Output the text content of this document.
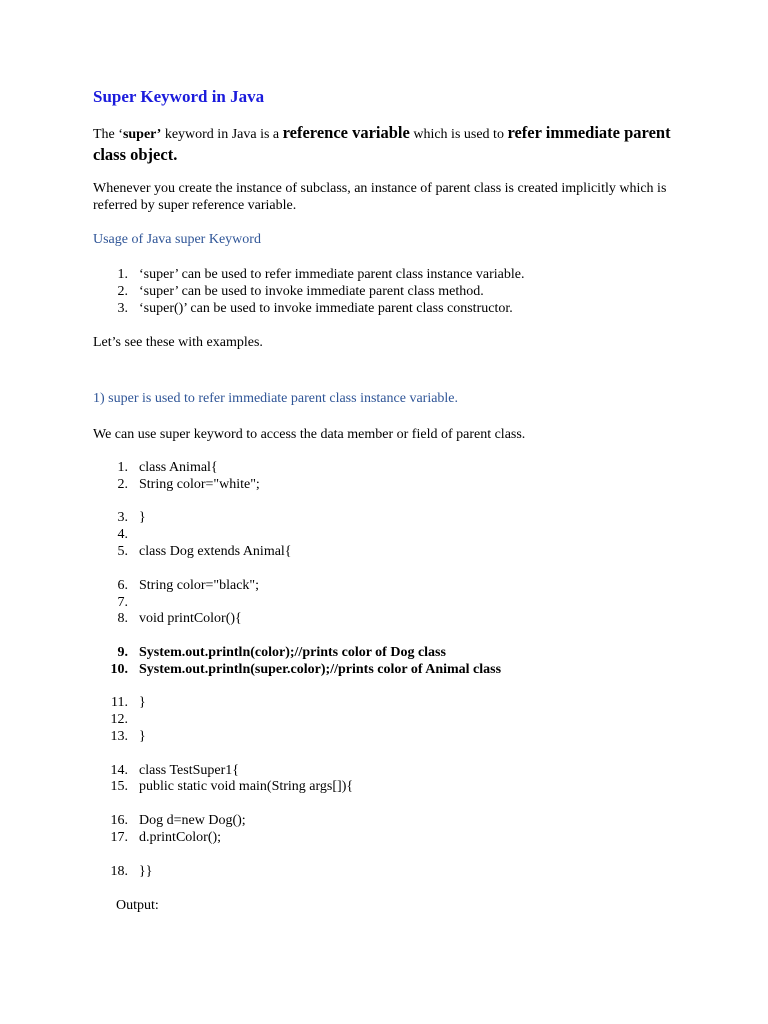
Super Keyword in Java
The ‘super’ keyword in Java is a reference variable which is used to refer immediate parent class object.
Whenever you create the instance of subclass, an instance of parent class is created implicitly which is referred by super reference variable.
Usage of Java super Keyword
1. ‘super’ can be used to refer immediate parent class instance variable.
2. ‘super’ can be used to invoke immediate parent class method.
3. ‘super()’ can be used to invoke immediate parent class constructor.
Let’s see these with examples.
1) super is used to refer immediate parent class instance variable.
We can use super keyword to access the data member or field of parent class.
1. class Animal{
2. String color="white";
3. }
4.
5. class Dog extends Animal{
6. String color="black";
7.
8. void printColor(){
9. System.out.println(color);//prints color of Dog class
10. System.out.println(super.color);//prints color of Animal class
11. }
12.
13. }
14. class TestSuper1{
15. public static void main(String args[]){
16. Dog d=new Dog();
17. d.printColor();
18. }}
Output:
